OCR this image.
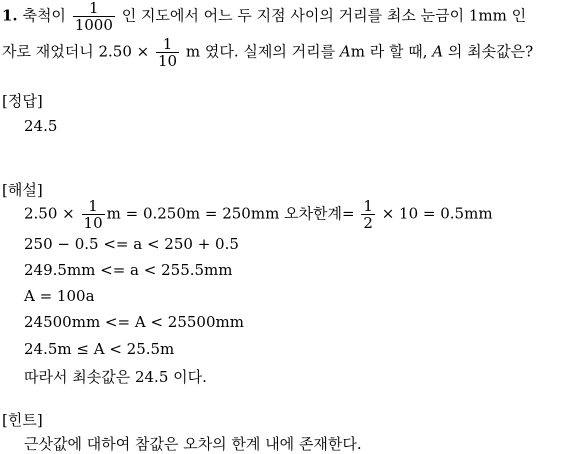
1. 축척이 $\frac{1}{1000}$ 인 지도에서 어느 두 지점 사이의 거리를 최소 눈금이 1mm 인
자로 재었더니 $2.50 \times \frac{1}{10}$ m 였다. 실제의 거리를 Am 라 할 때, A 의 최솟값은?
[정답]
24.5
[해설]
$2.50 \times \frac{1}{10}$ m = 0.250m = 250mm 오차한계= $\frac{1}{2} \times 10 = 0.5mm$
250 − 0.5 <= a < 250 + 0.5
249.5mm <= a < 255.5mm
A = 100a
24500mm <= A < 25500mm
24.5m ≤ A < 25.5m
따라서 최솟값은 24.5 이다.
[힌트]
근삿값에 대하여 참값은 오차의 한계 내에 존재한다.
